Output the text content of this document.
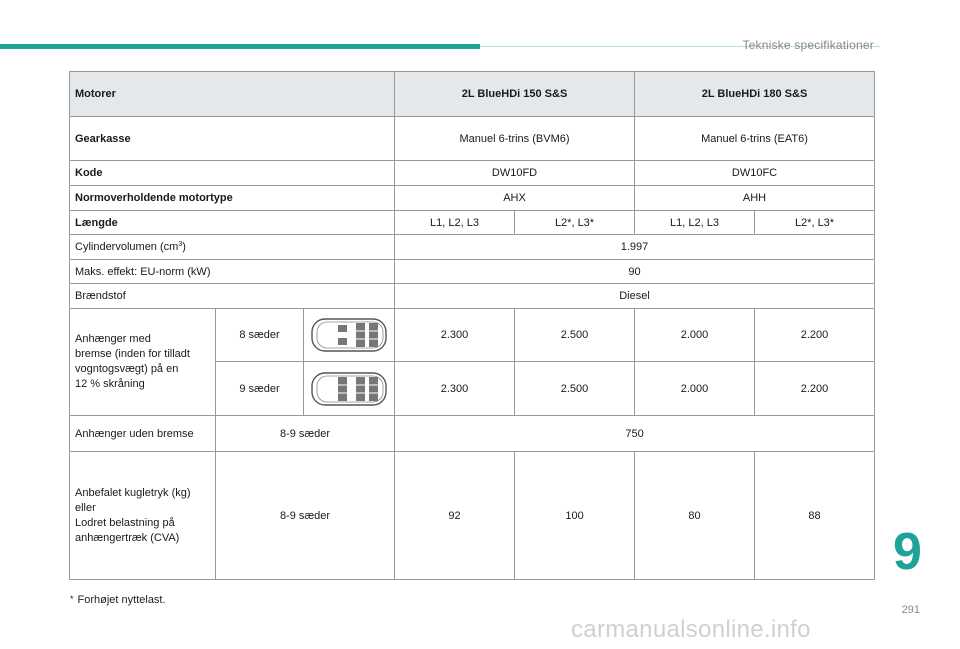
Tekniske specifikationer
Motorer			2L BlueHDi 150 S&S		2L BlueHDi 180 S&S	
Gearkasse			Manuel 6-trins (BVM6)		Manuel 6-trins (EAT6)	
Kode			DW10FD		DW10FC	
Normoverholdende motortype			AHX		AHH	
Længde			L1, L2, L3	L2*, L3*	L1, L2, L3	L2*, L3*
Cylindervolumen $(cm^3)$			1.997			
Maks. effekt: EU-norm (kW)			90			
Brændstof			Diesel			

Anhænger med
bremse (inden for tilladt
vogntogsvægt) på en
12 % skråning	8 sæder		2.300	2.500	2.000	2.200
	9 sæder		2.300	2.500	2.000	2.200
Anhænger uden bremse	8-9 sæder		750			

Anbefalet kugletryk (kg)
eller
Lodret belastning på
anhængertræk (CVA)	8-9 sæder		92	100	80	88
* Forhøjet nyttelast.
9
291
carmanualsonline.info
